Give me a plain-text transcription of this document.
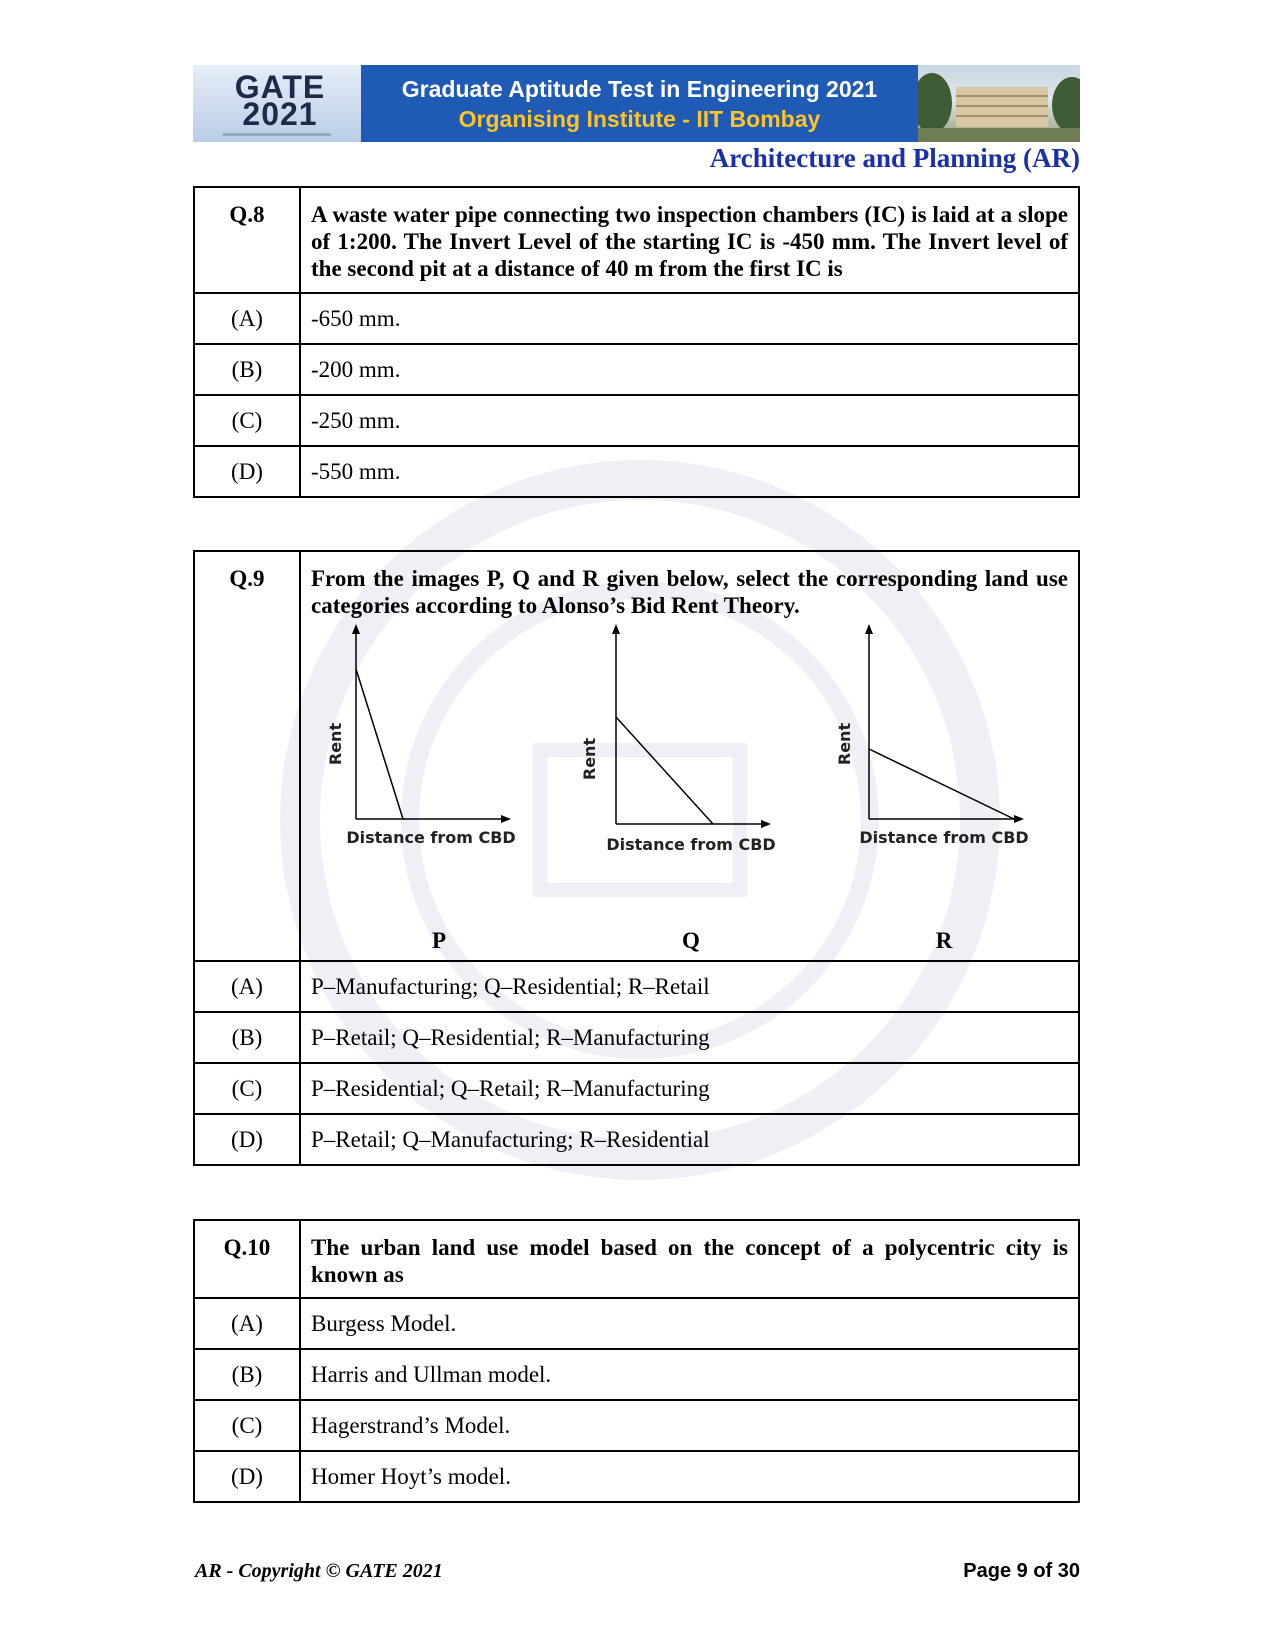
GATE
2021
Graduate Aptitude Test in Engineering 2021
Organising Institute - IIT Bombay
Architecture and Planning (AR)
Q.8	A waste water pipe connecting two inspection chambers (IC) is laid at a slope of 1:200. The Invert Level of the starting IC is -450 mm. The Invert level of the second pit at a distance of 40 m from the first IC is
(A)	-650 mm.
(B)	-200 mm.
(C)	-250 mm.
(D)	-550 mm.
Q.9	From the images P, Q and R given below, select the corresponding land use categories according to Alonso’s Bid Rent Theory.
Rent
Distance from CBD
Rent
Distance from CBD
Rent
Distance from CBD
P	Q	R
(A)	P–Manufacturing; Q–Residential; R–Retail
(B)	P–Retail; Q–Residential; R–Manufacturing
(C)	P–Residential; Q–Retail; R–Manufacturing
(D)	P–Retail; Q–Manufacturing; R–Residential
Q.10	The urban land use model based on the concept of a polycentric city is known as
(A)	Burgess Model.
(B)	Harris and Ullman model.
(C)	Hagerstrand’s Model.
(D)	Homer Hoyt’s model.
AR - Copyright © GATE 2021	Page 9 of 30
